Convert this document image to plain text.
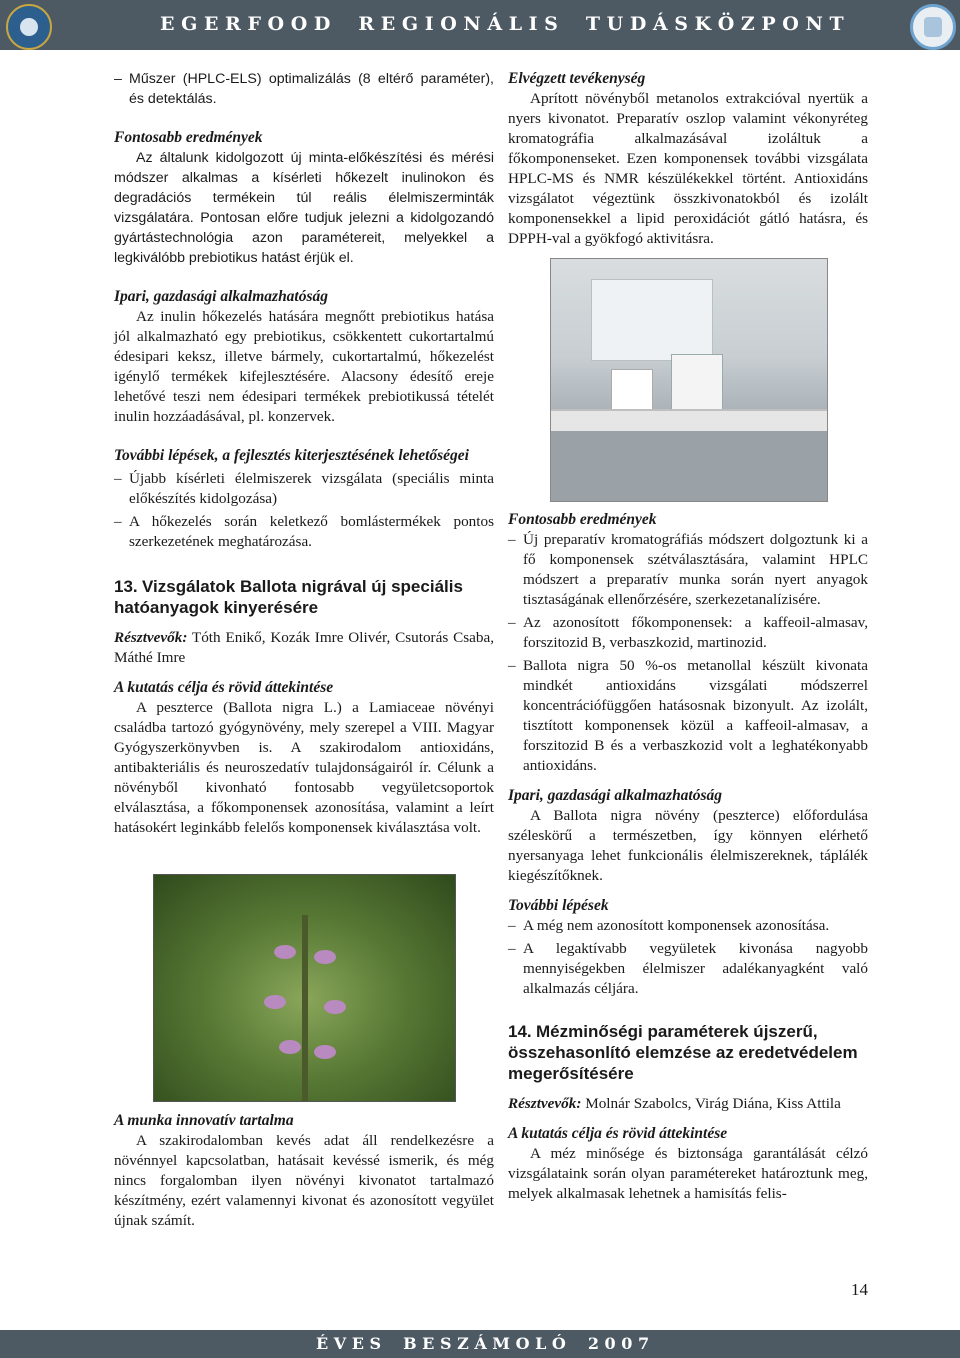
E G E R F O O D R E G I O N Á L I S T U D Á S K Ö Z P O N T
– Műszer (HPLC-ELS) optimalizálás (8 eltérő paraméter), és detektálás.

Fontosabb eredmények

Az általunk kidolgozott új minta-előkészítési és mérési módszer alkalmas a kísérleti hőkezelt inulinokon és degradációs termékein túl reális élelmiszerminták vizsgálatára. Pontosan előre tudjuk jelezni a kidolgozandó gyártástechnológia azon paramétereit, melyekkel a legkiválóbb prebiotikus hatást érjük el.

Ipari, gazdasági alkalmazhatóság

Az inulin hőkezelés hatására megnőtt prebiotikus hatása jól alkalmazható egy prebiotikus, csökkentett cukortartalmú édesipari keksz, illetve bármely, cukortartalmú, hőkezelést igénylő termékek kifejlesztésére. Alacsony édesítő ereje lehetővé teszi nem édesipari termékek prebiotikussá tételét inulin hozzáadásával, pl. konzervek.

További lépések, a fejlesztés kiterjesztésének lehetőségei

– Újabb kísérleti élelmiszerek vizsgálata (speciális minta előkészítés kidolgozása)
– A hőkezelés során keletkező bomlástermékek pontos szerkezetének meghatározása.
13. Vizsgálatok Ballota nigrával új speciális hatóanyagok kinyerésére

Résztvevők: Tóth Enikő, Kozák Imre Olivér, Csutorás Csaba, Máthé Imre

A kutatás célja és rövid áttekintése

A peszterce (Ballota nigra L.) a Lamiaceae növényi családba tartozó gyógynövény, mely szerepel a VIII. Magyar Gyógyszerkönyvben is. A szakirodalom antioxidáns, antibakteriális és neuroszedatív tulajdonságairól ír. Célunk a növényből kivonható fontosabb vegyületcsoportok elválasztása, a főkomponensek azonosítása, valamint a leírt hatásokért leginkább felelős komponensek kiválasztása volt.

A munka innovatív tartalma

A szakirodalomban kevés adat áll rendelkezésre a növénnyel kapcsolatban, hatásait kevéssé ismerik, és még nincs forgalomban ilyen növényi kivonatot tartalmazó készítmény, ezért valamennyi kivonat és azonosított vegyület újnak számít.

Elvégzett tevékenység

Aprított növényből metanolos extrakcióval nyertük a nyers kivonatot. Preparatív oszlop valamint vékonyréteg kromatográfia alkalmazásával izoláltuk a főkomponenseket. Ezen komponensek további vizsgálata HPLC-MS és NMR készülékekkel történt. Antioxidáns vizsgálatot végeztünk összkivonatokból és izolált komponensekkel a lipid peroxidációt gátló hatásra, és DPPH-val a gyökfogó aktivitásra.

Fontosabb eredmények

– Új preparatív kromatográfiás módszert dolgoztunk ki a fő komponensek szétválasztására, valamint HPLC módszert a preparatív munka során nyert anyagok tisztaságának ellenőrzésére, szerkezetanalízisére.
– Az azonosított főkomponensek: a kaffeoil-almasav, forszitozid B, verbaszkozid, martinozid.
– Ballota nigra 50 %-os metanollal készült kivonata mindkét antioxidáns vizsgálati módszerrel koncentrációfüggően hatásosnak bizonyult. Az izolált, tisztított komponensek közül a kaffeoil-almasav, a forszitozid B és a verbaszkozid volt a leghatékonyabb antioxidáns.

Ipari, gazdasági alkalmazhatóság

A Ballota nigra növény (peszterce) előfordulása széleskörű a természetben, így könnyen elérhető nyersanyaga lehet funkcionális élelmiszereknek, táplálék kiegészítőknek.

További lépések

– A még nem azonosított komponensek azonosítása.
– A legaktívabb vegyületek kivonása nagyobb mennyiségekben élelmiszer adalékanyagként való alkalmazás céljára.
14. Mézminőségi paraméterek újszerű, összehasonlító elemzése az eredetvédelem megerősítésére

Résztvevők: Molnár Szabolcs, Virág Diána, Kiss Attila

A kutatás célja és rövid áttekintése

A méz minősége és biztonsága garantálását célzó vizsgálataink során olyan paramétereket határoztunk meg, melyek alkalmasak lehetnek a hamisítás felis-

14
É V E S B E S Z Á M O L Ó 2 0 0 7
